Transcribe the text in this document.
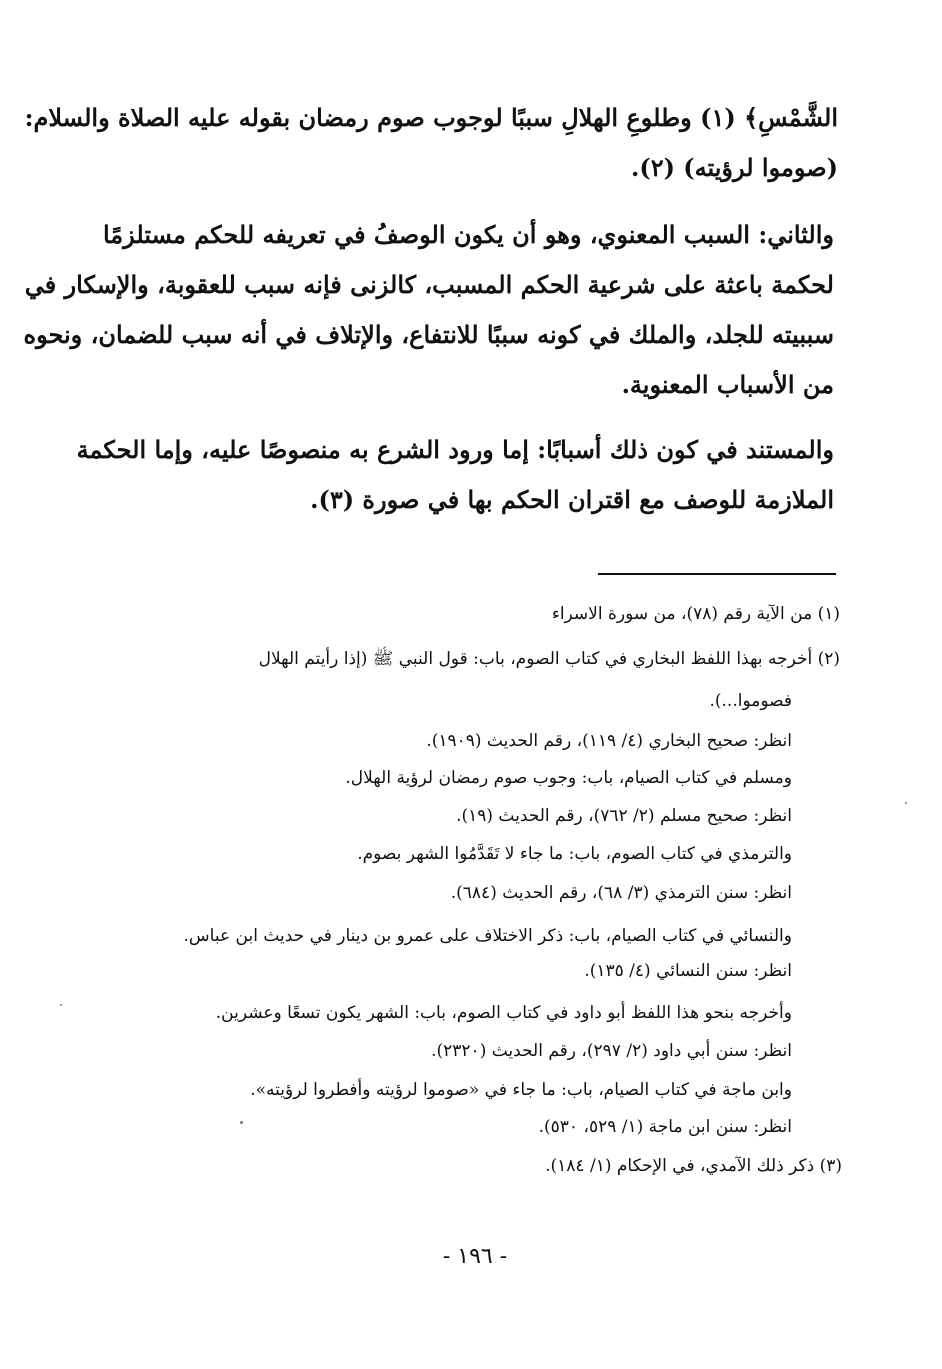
الشَّمْسِ﴾ (١) وطلوعِ الهلالِ سببًا لوجوب صوم رمضان بقوله عليه الصلاة والسلام:
(صوموا لرؤيته) (٢).
والثاني: السبب المعنوي، وهو أن يكون الوصفُ في تعريفه للحكم مستلزمًا
لحكمة باعثة على شرعية الحكم المسبب، كالزنى فإنه سبب للعقوبة، والإسكار في
سببيته للجلد، والملك في كونه سببًا للانتفاع، والإتلاف في أنه سبب للضمان، ونحوه
من الأسباب المعنوية.
والمستند في كون ذلك أسبابًا: إما ورود الشرع به منصوصًا عليه، وإما الحكمة
الملازمة للوصف مع اقتران الحكم بها في صورة (٣).
(١) من الآية رقم (٧٨)، من سورة الاسراء
(٢) أخرجه بهذا اللفظ البخاري في كتاب الصوم، باب: قول النبي ﷺ (إذا رأيتم الهلال
فصوموا...).
انظر: صحيح البخاري (٤/ ١١٩)، رقم الحديث (١٩٠٩).
ومسلم في كتاب الصيام، باب: وجوب صوم رمضان لرؤية الهلال.
انظر: صحيح مسلم (٢/ ٧٦٢)، رقم الحديث (١٩).
والترمذي في كتاب الصوم، باب: ما جاء لا تَقَدَّمُوا الشهر بصوم.
انظر: سنن الترمذي (٣/ ٦٨)، رقم الحديث (٦٨٤).
والنسائي في كتاب الصيام، باب: ذكر الاختلاف على عمرو بن دينار في حديث ابن عباس.
انظر: سنن النسائي (٤/ ١٣٥).
وأخرجه بنحو هذا اللفظ أبو داود في كتاب الصوم، باب: الشهر يكون تسعًا وعشرين.
انظر: سنن أبي داود (٢/ ٢٩٧)، رقم الحديث (٢٣٢٠).
وابن ماجة في كتاب الصيام، باب: ما جاء في «صوموا لرؤيته وأفطروا لرؤيته».
انظر: سنن ابن ماجة (١/ ٥٢٩، ٥٣٠).
(٣) ذكر ذلك الآمدي، في الإحكام (١/ ١٨٤).
- ١٩٦ -
